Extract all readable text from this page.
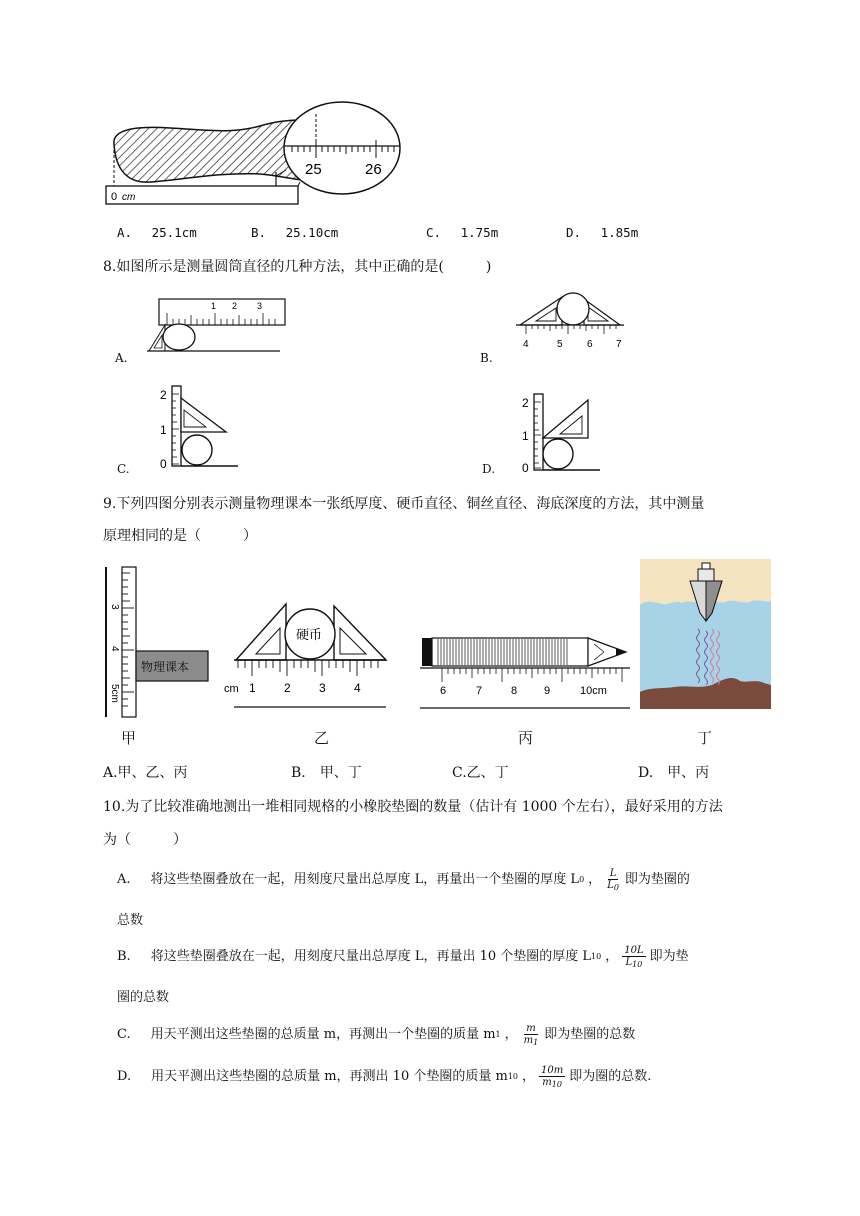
0 cm
25	26
A. 25.1cm	B. 25.10cm	C. 1.75m	D. 1.85m
8.如图所示是测量圆筒直径的几种方法，其中正确的是(　　　)
1 2 3
A.
4	5 6 7
B.
2
1
0
C.
2
1
0
D.
9.下列四图分别表示测量物理课本一张纸厚度、硬币直径、铜丝直径、海底深度的方法，其中测量
原理相同的是（　　　）
3
4
5cm
物理课本
硬币
cm 1 2 3 4	6	7	8 9	10cm
甲	乙	丙	丁
A.甲、乙、丙	B.　甲、丁	C.乙、丁	D.　甲、丙
10.为了比较准确地测出一堆相同规格的小橡胶垫圈的数量（估计有 1000 个左右），最好采用的方法
为（　　　）
A. 将这些垫圈叠放在一起，用刻度尺量出总厚度 L，再量出一个垫圈的厚度 L 0 ， $\frac{L}{L_0}$ 即为垫圈的
总数
B. 将这些垫圈叠放在一起，用刻度尺量出总厚度 L，再量出 10 个垫圈的厚度 L 10 ， $\frac{10L}{L_{10}}$ 即为垫
圈的总数
C. 用天平测出这些垫圈的总质量 m，再测出一个垫圈的质量 m 1 ， $\frac{m}{m_1}$ 即为垫圈的总数
D. 用天平测出这些垫圈的总质量 m，再测出 10 个垫圈的质量 m 10 ， $\frac{10m}{m_{10}}$ 即为圈的总数.
